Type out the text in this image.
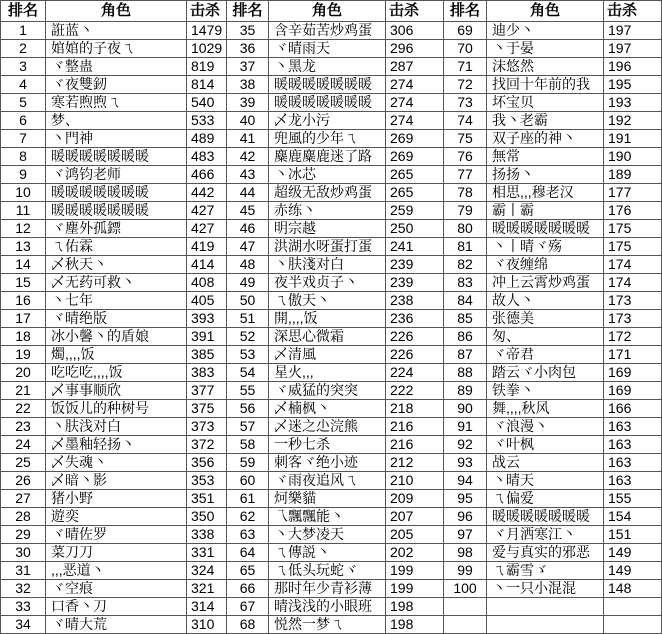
排名	角色	击杀	排名	角色	击杀	排名	角色	击杀
1	誑蓝丶	1479	35	含辛茹苦炒鸡蛋	306	69	迪少丶	197
2	婠婠的子夜ㄟ	1029	36	ヾ晴雨天	296	70	丶于晏	197
3	ヾ整蛊	819	37	丶黑龙	287	71	沫悠然	196
4	ヾ夜雙釰	814	38	暖暖暖暖暖暖暖	274	72	找回十年前的我	195
5	寒若煦煦ㄟ	540	39	暖暖暖暖暖暖暖	274	73	坏宝贝	193
6	梦、	533	40	乄龙小污	274	74	我丶老霸	192
7	丶門神	489	41	兜風的少年ㄟ	269	75	双子座的神丶	191
8	暖暖暖暖暖暖暖	483	42	麋鹿麋鹿迷了路	269	76	無常	190
9	ヾ鸿钧老师	466	43	丶冰芯	265	77	扬扬丶	189
10	暖暖暖暖暖暖暖	442	44	超级无敌炒鸡蛋	265	78	相思,,,穆老汉	177
11	暖暖暖暖暖暖暖	427	45	赤练丶	259	79	霸丨霸	176
12	ヾ塵外孤鏢	427	46	明宗越	250	80	暖暖暖暖暖暖暖	175
13	ㄟ佑霖	419	47	洪湖水呀蛋打蛋	241	81	丶丨晴ヾ殇	175
14	乄秋天丶	414	48	丶肤淺对白	239	82	ヾ夜缠绵	174
15	乄无药可救丶	408	49	夜半戏贞子丶	239	83	冲上云霄炒鸡蛋	174
16	丶七年	405	50	ㄟ傲天丶	238	84	故人丶	173
17	ヾ晴绝版	393	51	開,,,,饭	236	85	张德美	173
18	冰小馨丶的盾娘	391	52	深思心微霜	226	86	匆、	172
19	燭,,,,饭	385	53	乄清風	226	87	ヾ帝君	171
20	吃吃吃,,,,饭	383	54	星火,,,	224	88	踏云ヾ小肉包	169
21	乄事事顺欣	377	55	ヾ威猛的突突	222	89	铁拳丶	169
22	饭饭儿的种树号	375	56	乄楠枫丶	218	90	舞,,,,秋风	166
23	丶肤浅对白	373	57	乄迷之尐浣熊	216	91	ヾ浪漫丶	163
24	乄墨釉轻扬丶	372	58	一秒七杀	216	92	ヾ叶枫	163
25	乄失魂丶	356	59	刺客ヾ绝小迹	212	93	战云	163
26	乄暗丶影	353	60	ヾ雨夜追风ㄟ	210	94	丶晴天	163
27	猪小野	351	61	炣樂貓	209	95	ㄟ偏爱	155
28	遊奕	350	62	乁飄飄能丶	207	96	暖暖暖暖暖暖暖	154
29	ヾ晴佐罗	338	63	丶大梦凌天	205	97	ヾ月洒寒江丶	151
30	菜刀刀	331	64	ㄟ傳説丶	202	98	爱与真实的邪恶	149
31	,,,恶道丶	324	65	ㄟ低头玩蛇ヾ	199	99	ㄟ霸雪ゞ	149
32	ヾ空痕	321	66	那时年少青衫薄	199	100	丶一只小混混	148
33	口香丶刀	314	67	晴浅浅的小眼班	198			
34	ヾ晴大荒	310	68	悦然一梦ㄟ	198			
